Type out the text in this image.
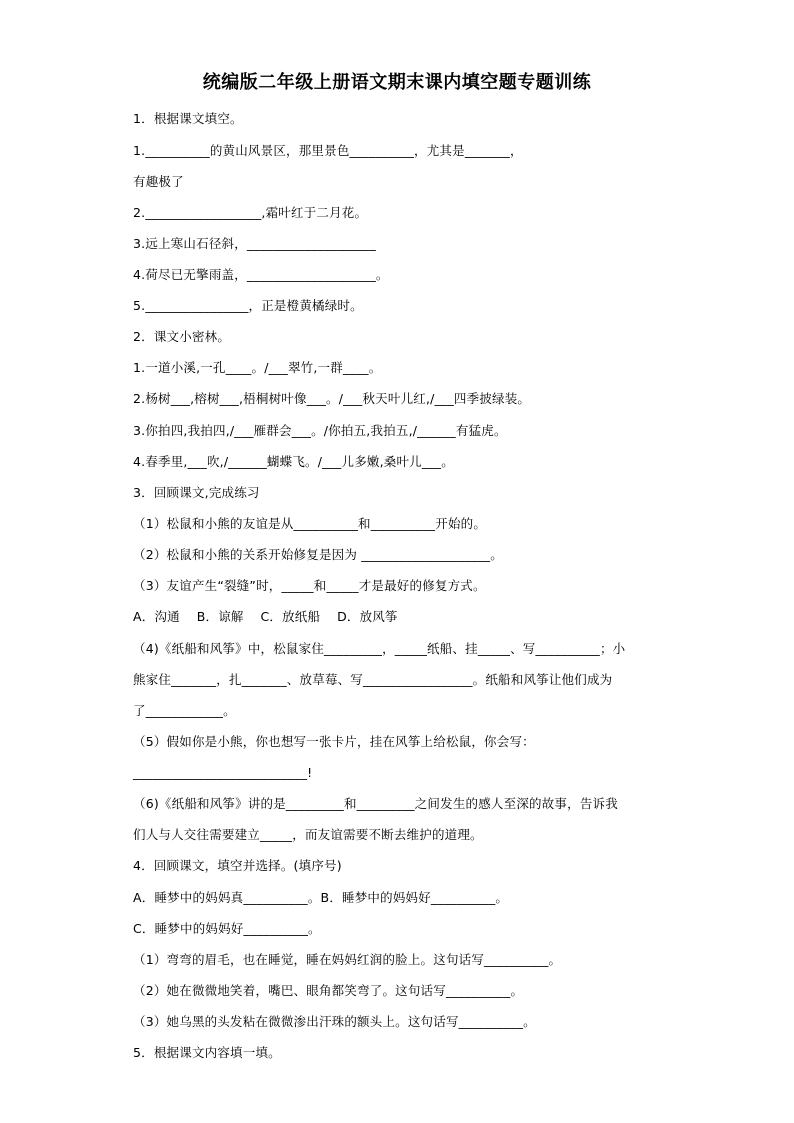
统编版二年级上册语文期末课内填空题专题训练
1．根据课文填空。
1.__________的黄山风景区，那里景色__________，尤其是_______，
有趣极了
2.__________________,霜叶红于二月花。
3.远上寒山石径斜，____________________
4.荷尽已无擎雨盖，____________________。
5.________________，正是橙黄橘绿时。
2．课文小密林。
1.一道小溪,一孔____。/___翠竹,一群____。
2.杨树___,榕树___,梧桐树叶像___。/___秋天叶儿红,/___四季披绿装。
3.你拍四,我拍四,/___雁群会___。/你拍五,我拍五,/______有猛虎。
4.春季里,___吹,/______蝴蝶飞。/___儿多嫩,桑叶儿___。
3．回顾课文,完成练习
（1）松鼠和小熊的友谊是从__________和__________开始的。
（2）松鼠和小熊的关系开始修复是因为 ____________________。
（3）友谊产生“裂缝”时，_____和_____才是最好的修复方式。
A．沟通　 B．谅解　 C．放纸船　 D．放风筝
（4)《纸船和风筝》中，松鼠家住_________，_____纸船、挂_____、写__________；小
熊家住_______，扎_______、放草莓、写_________________。纸船和风筝让他们成为
了____________。
（5）假如你是小熊，你也想写一张卡片，挂在风筝上给松鼠，你会写：
___________________________!
（6)《纸船和风筝》讲的是_________和_________之间发生的感人至深的故事，告诉我
们人与人交往需要建立_____，而友谊需要不断去维护的道理。
4．回顾课文，填空并选择。(填序号)
A．睡梦中的妈妈真__________。B．睡梦中的妈妈好__________。
C．睡梦中的妈妈好__________。
（1）弯弯的眉毛，也在睡觉，睡在妈妈红润的脸上。这句话写__________。
（2）她在微微地笑着，嘴巴、眼角都笑弯了。这句话写__________。
（3）她乌黑的头发粘在微微渗出汗珠的额头上。这句话写__________。
5．根据课文内容填一填。
